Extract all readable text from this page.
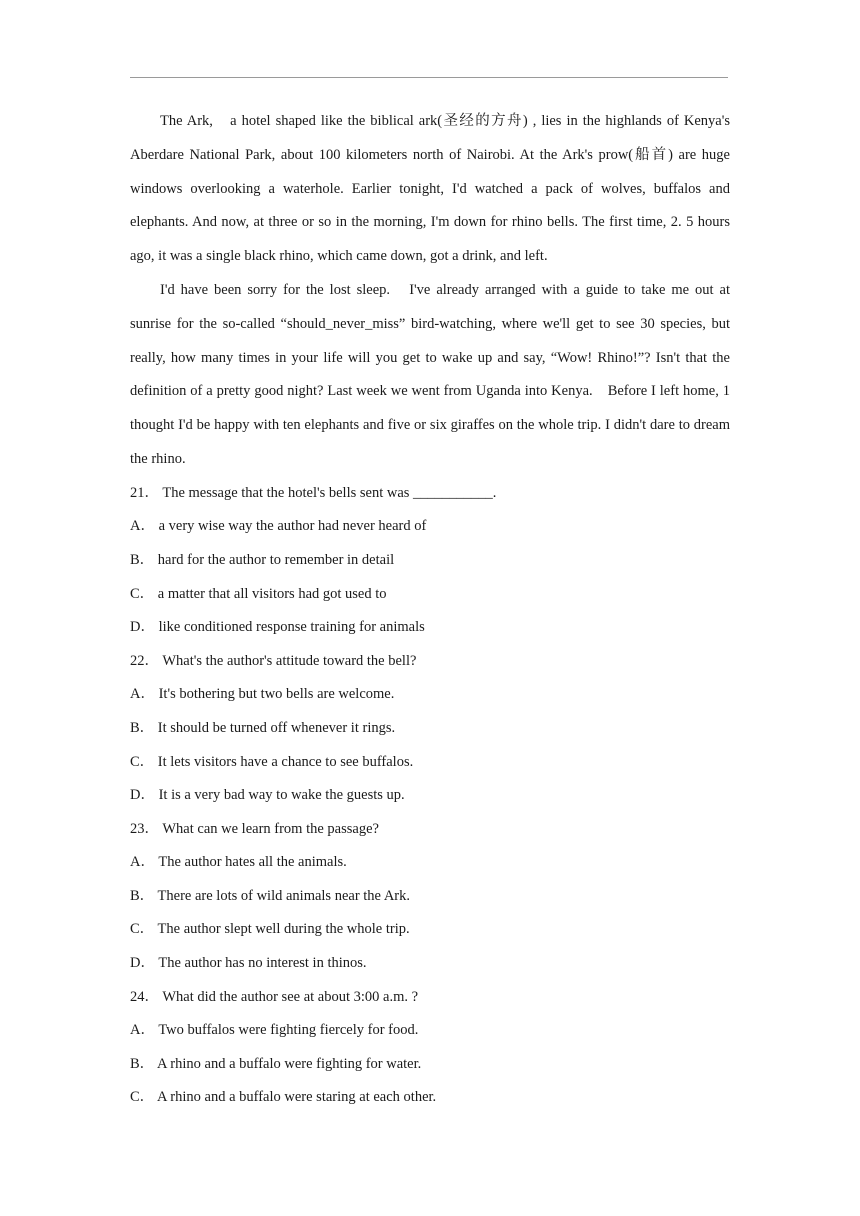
The Ark,　a hotel shaped like the biblical ark(圣经的方舟) , lies in the highlands of Kenya's Aberdare National Park, about 100 kilometers north of Nairobi. At the Ark's prow(船首) are huge windows overlooking a waterhole. Earlier tonight, I'd watched a pack of wolves, buffalos and elephants. And now, at three or so in the morning, I'm down for rhino bells. The first time, 2. 5 hours ago, it was a single black rhino, which came down, got a drink, and left.

I'd have been sorry for the lost sleep.　I've already arranged with a guide to take me out at sunrise for the so-called “should_never_miss” bird-watching, where we'll get to see 30 species, but really, how many times in your life will you get to wake up and say, “Wow! Rhino!”? Isn't that the definition of a pretty good night? Last week we went from Uganda into Kenya.　Before I left home, 1 thought I'd be happy with ten elephants and five or six giraffes on the whole trip. I didn't dare to dream the rhino.

21． The message that the hotel's bells sent was ___________.
A． a very wise way the author had never heard of
B． hard for the author to remember in detail
C． a matter that all visitors had got used to
D． like conditioned response training for animals
22． What's the author's attitude toward the bell?
A． It's bothering but two bells are welcome.
B． It should be turned off whenever it rings.
C． It lets visitors have a chance to see buffalos.
D． It is a very bad way to wake the guests up.
23． What can we learn from the passage?
A． The author hates all the animals.
B． There are lots of wild animals near the Ark.
C． The author slept well during the whole trip.
D． The author has no interest in thinos.
24． What did the author see at about 3:00 a.m. ?
A． Two buffalos were fighting fiercely for food.
B． A rhino and a buffalo were fighting for water.
C． A rhino and a buffalo were staring at each other.
